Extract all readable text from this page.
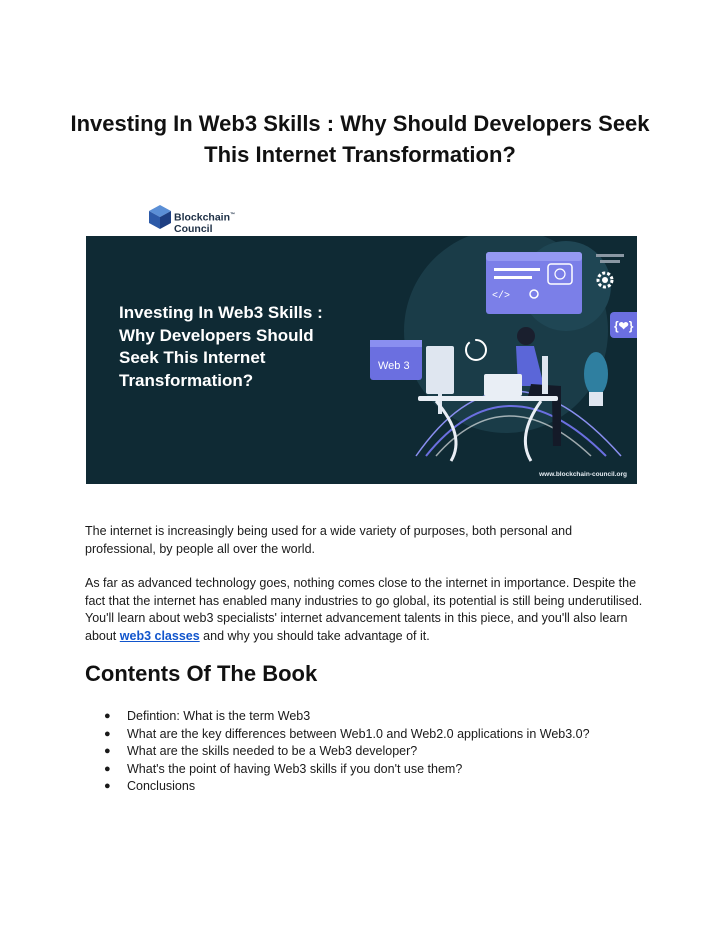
Investing In Web3 Skills : Why Should Developers Seek This Internet Transformation?
Blockchain™
Council
Investing In Web3 Skills :
Why Developers Should
Seek This Internet
Transformation?
</>
{❤}
Web 3
www.blockchain-council.org

The internet is increasingly being used for a wide variety of purposes, both personal and professional, by people all over the world.

As far as advanced technology goes, nothing comes close to the internet in importance. Despite the fact that the internet has enabled many industries to go global, its potential is still being underutilised. You'll learn about web3 specialists' internet advancement talents in this piece, and you'll also learn about web3 classes and why you should take advantage of it.

Contents Of The Book
● Defintion: What is the term Web3
● What are the key differences between Web1.0 and Web2.0 applications in Web3.0?
● What are the skills needed to be a Web3 developer?
● What's the point of having Web3 skills if you don't use them?
● Conclusions
